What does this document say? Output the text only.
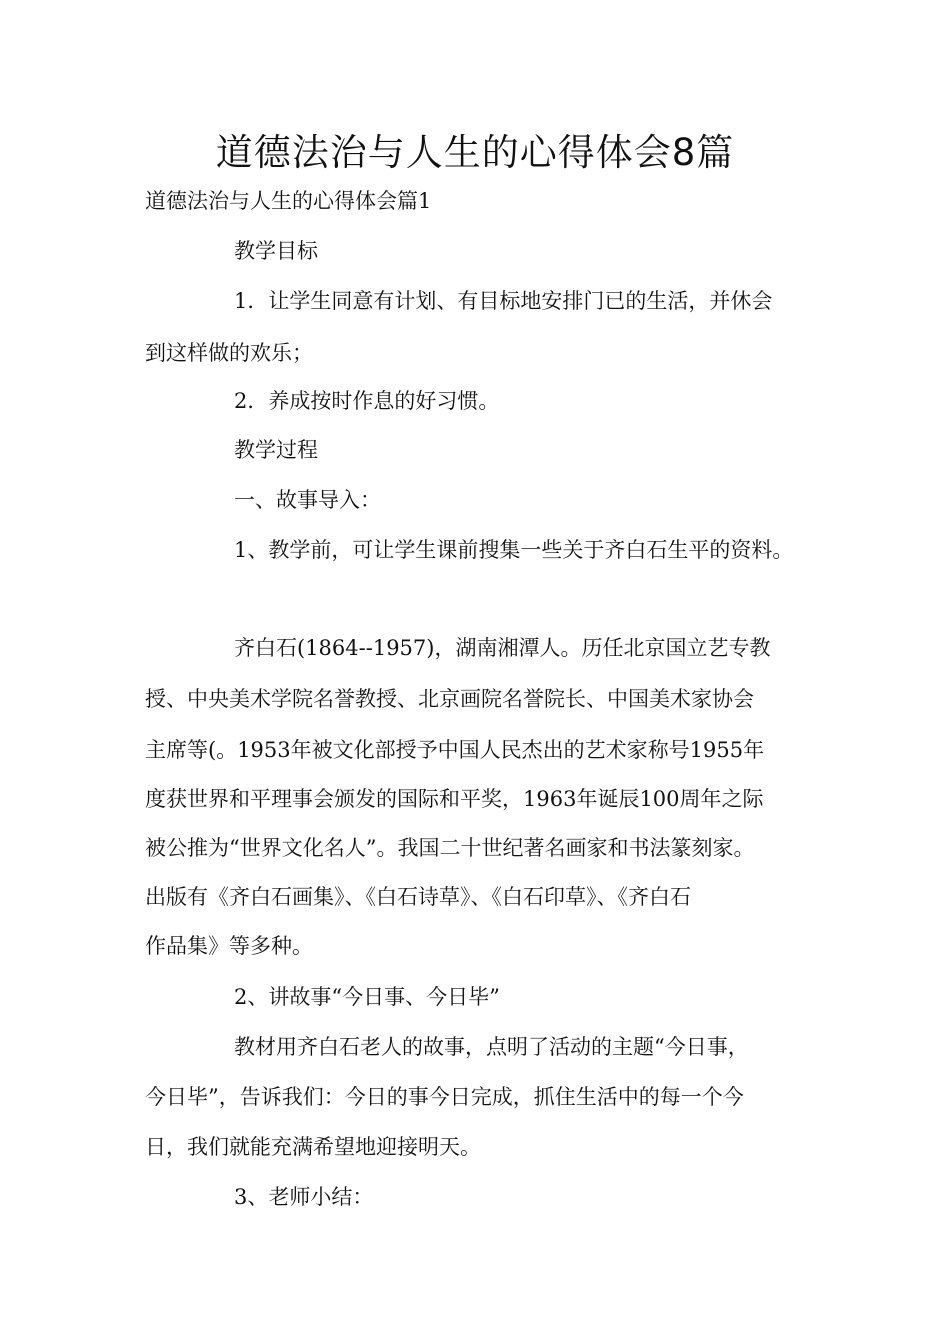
道德法治与人生的心得体会8篇
道德法治与人生的心得体会篇1
教学目标
1．让学生同意有计划、有目标地安排门已的生活，并休会
到这样做的欢乐；
2．养成按时作息的好习惯。
教学过程
一、故事导入：
1、教学前，可让学生课前搜集一些关于齐白石生平的资料。
齐白石(1864--1957)，湖南湘潭人。历任北京国立艺专教
授、中央美术学院名誉教授、北京画院名誉院长、中国美术家协会
主席等(。1953年被文化部授予中国人民杰出的艺术家称号1955年
度获世界和平理事会颁发的国际和平奖，1963年诞辰100周年之际
被公推为“世界文化名人”。我国二十世纪著名画家和书法篆刻家。
出版有《齐白石画集》、《白石诗草》、《白石印草》、《齐白石
作品集》等多种。
2、讲故事“今日事、今日毕”
教材用齐白石老人的故事，点明了活动的主题“今日事，
今日毕”，告诉我们：今日的事今日完成，抓住生活中的每一个今
日，我们就能充满希望地迎接明天。
3、老师小结：
